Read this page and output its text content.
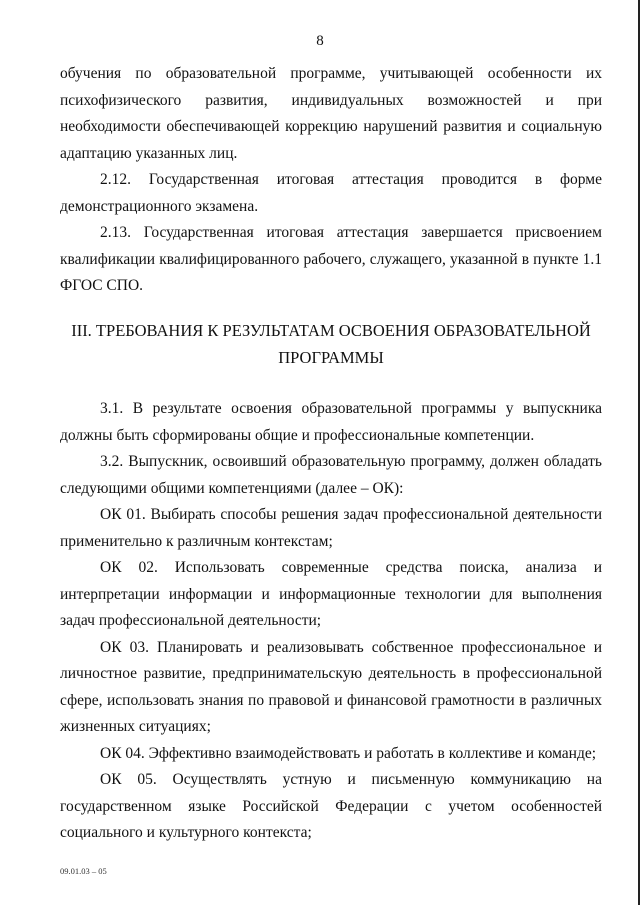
8

обучения по образовательной программе, учитывающей особенности их психофизического развития, индивидуальных возможностей и при необходимости обеспечивающей коррекцию нарушений развития и социальную адаптацию указанных лиц.

2.12. Государственная итоговая аттестация проводится в форме демонстрационного экзамена.

2.13. Государственная итоговая аттестация завершается присвоением квалификации квалифицированного рабочего, служащего, указанной в пункте 1.1 ФГОС СПО.

III. ТРЕБОВАНИЯ К РЕЗУЛЬТАТАМ ОСВОЕНИЯ ОБРАЗОВАТЕЛЬНОЙ
ПРОГРАММЫ

3.1. В результате освоения образовательной программы у выпускника должны быть сформированы общие и профессиональные компетенции.

3.2. Выпускник, освоивший образовательную программу, должен обладать следующими общими компетенциями (далее – ОК):

ОК 01. Выбирать способы решения задач профессиональной деятельности применительно к различным контекстам;

ОК 02. Использовать современные средства поиска, анализа и интерпретации информации и информационные технологии для выполнения задач профессиональной деятельности;

ОК 03. Планировать и реализовывать собственное профессиональное и личностное развитие, предпринимательскую деятельность в профессиональной сфере, использовать знания по правовой и финансовой грамотности в различных жизненных ситуациях;

ОК 04. Эффективно взаимодействовать и работать в коллективе и команде;

ОК 05. Осуществлять устную и письменную коммуникацию на государственном языке Российской Федерации с учетом особенностей социального и культурного контекста;

09.01.03 – 05
